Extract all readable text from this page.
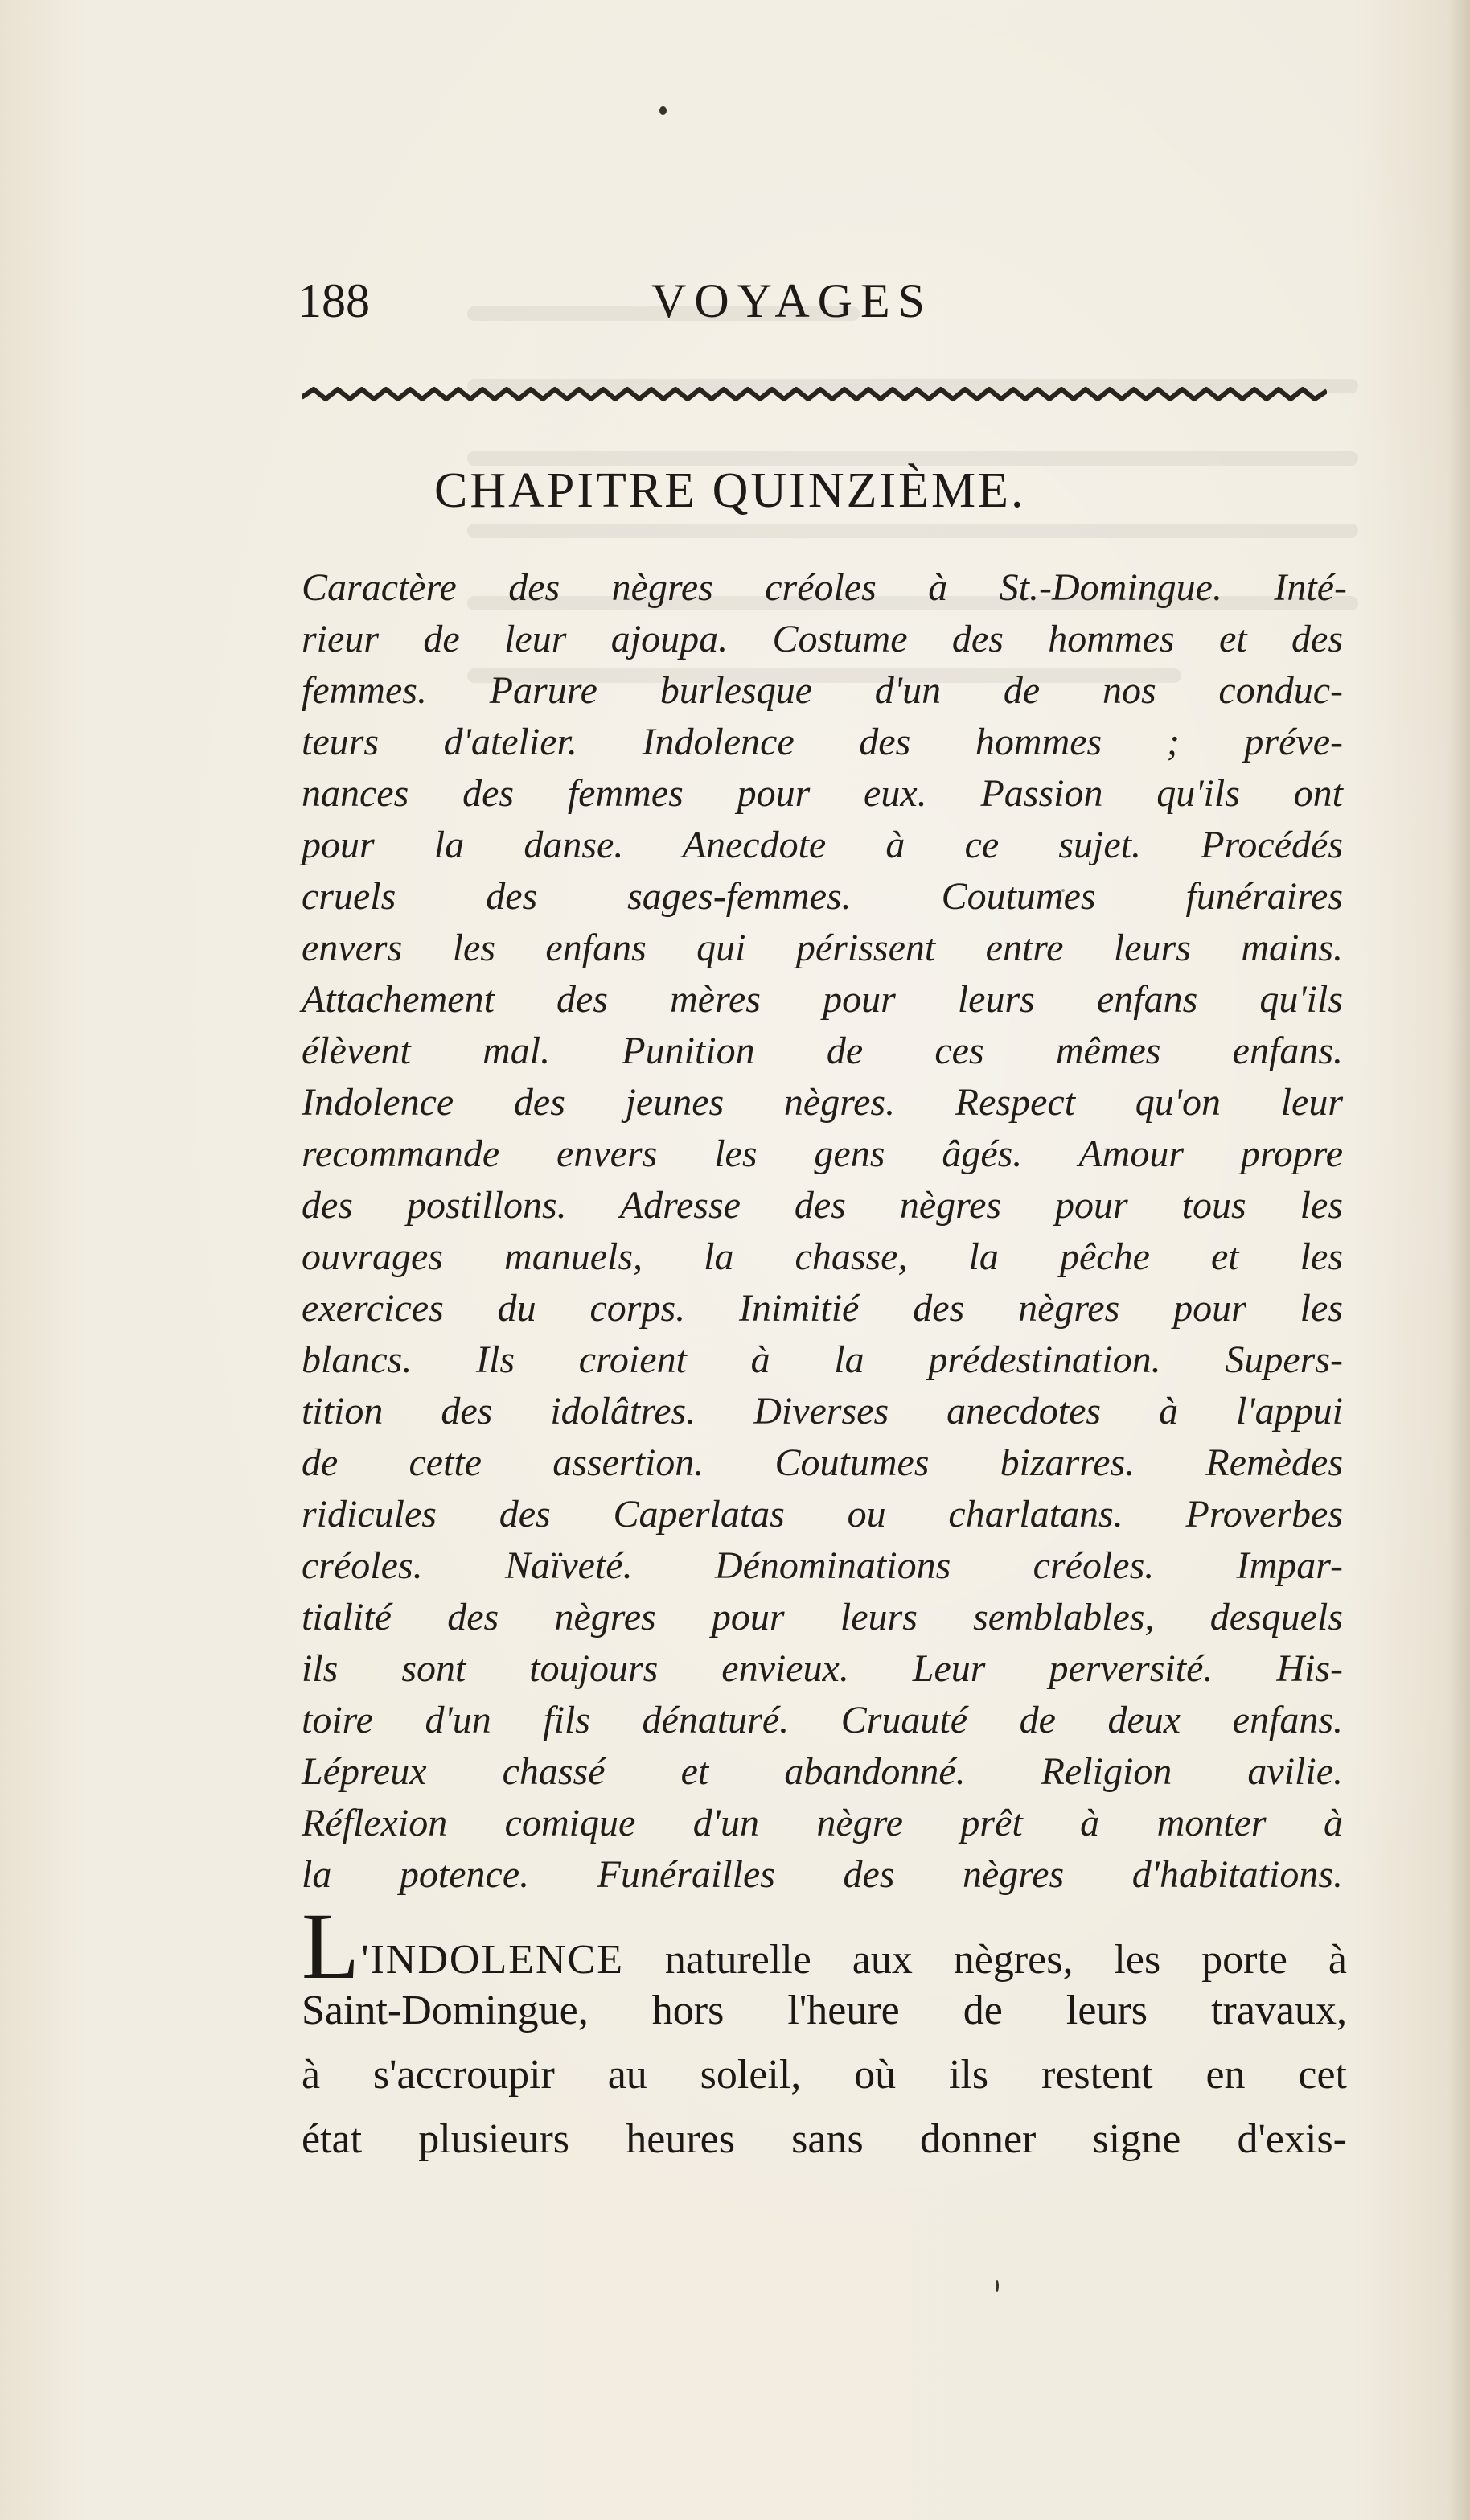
188	VOYAGES
CHAPITRE QUINZIÈME.
Caractère des nègres créoles à St.-Domingue. Inté-
rieur de leur ajoupa. Costume des hommes et des
femmes. Parure burlesque d'un de nos conduc-
teurs d'atelier. Indolence des hommes ; préve-
nances des femmes pour eux. Passion qu'ils ont
pour la danse. Anecdote à ce sujet. Procédés
cruels des sages-femmes. Coutumes funéraires
envers les enfans qui périssent entre leurs mains.
Attachement des mères pour leurs enfans qu'ils
élèvent mal. Punition de ces mêmes enfans.
Indolence des jeunes nègres. Respect qu'on leur
recommande envers les gens âgés. Amour propre
des postillons. Adresse des nègres pour tous les
ouvrages manuels, la chasse, la pêche et les
exercices du corps. Inimitié des nègres pour les
blancs. Ils croient à la prédestination. Supers-
tition des idolâtres. Diverses anecdotes à l'appui
de cette assertion. Coutumes bizarres. Remèdes
ridicules des Caperlatas ou charlatans. Proverbes
créoles. Naïveté. Dénominations créoles. Impar-
tialité des nègres pour leurs semblables, desquels
ils sont toujours envieux. Leur perversité. His-
toire d'un fils dénaturé. Cruauté de deux enfans.
Lépreux chassé et abandonné. Religion avilie.
Réflexion comique d'un nègre prêt à monter à
la potence. Funérailles des nègres d'habitations.
L'INDOLENCE naturelle aux nègres, les porte à
Saint-Domingue, hors l'heure de leurs travaux,
à s'accroupir au soleil, où ils restent en cet
état plusieurs heures sans donner signe d'exis-
